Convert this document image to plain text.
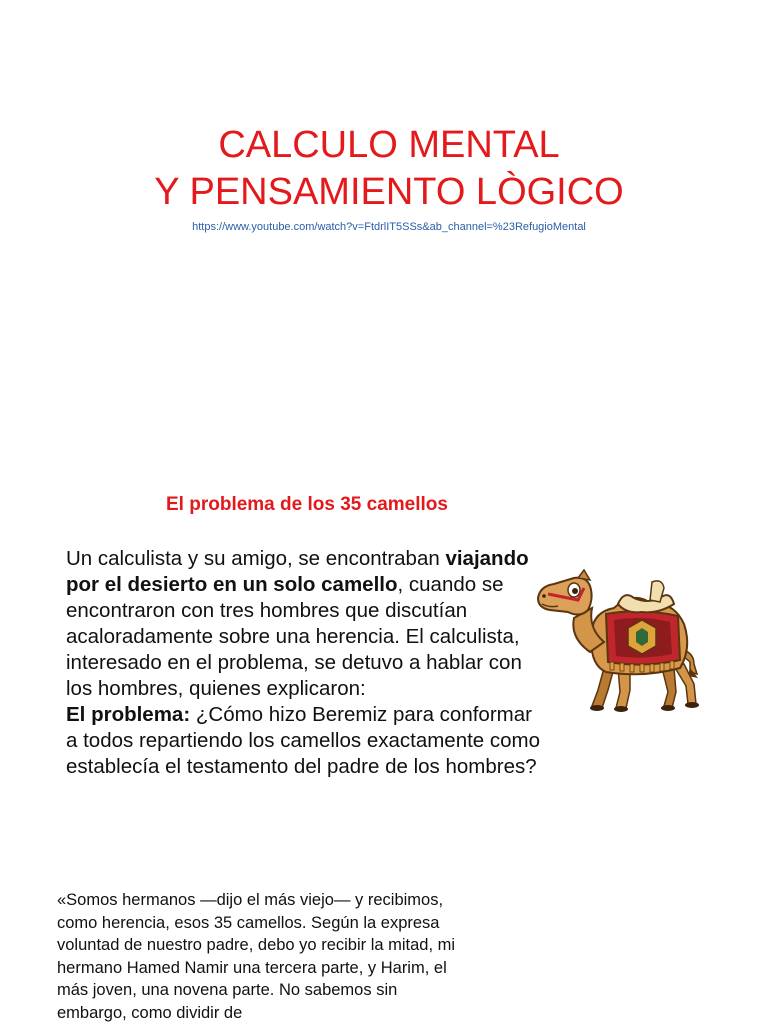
CALCULO MENTAL
Y PENSAMIENTO LÒGICO
https://www.youtube.com/watch?v=FtdrlIT5SSs&ab_channel=%23RefugioMental
El problema de los 35 camellos

Un calculista y su amigo, se encontraban viajando por el desierto en un solo camello, cuando se encontraron con tres hombres que discutían acaloradamente sobre una herencia. El calculista, interesado en el problema, se detuvo a hablar con los hombres, quienes explicaron:
El problema: ¿Cómo hizo Beremiz para conformar a todos repartiendo los camellos exactamente como establecía el testamento del padre de los hombres?

«Somos hermanos —dijo el más viejo— y recibimos, como herencia, esos 35 camellos. Según la expresa voluntad de nuestro padre, debo yo recibir la mitad, mi hermano Hamed Namir una tercera parte, y Harim, el más joven, una novena parte. No sabemos sin embargo, como dividir de
